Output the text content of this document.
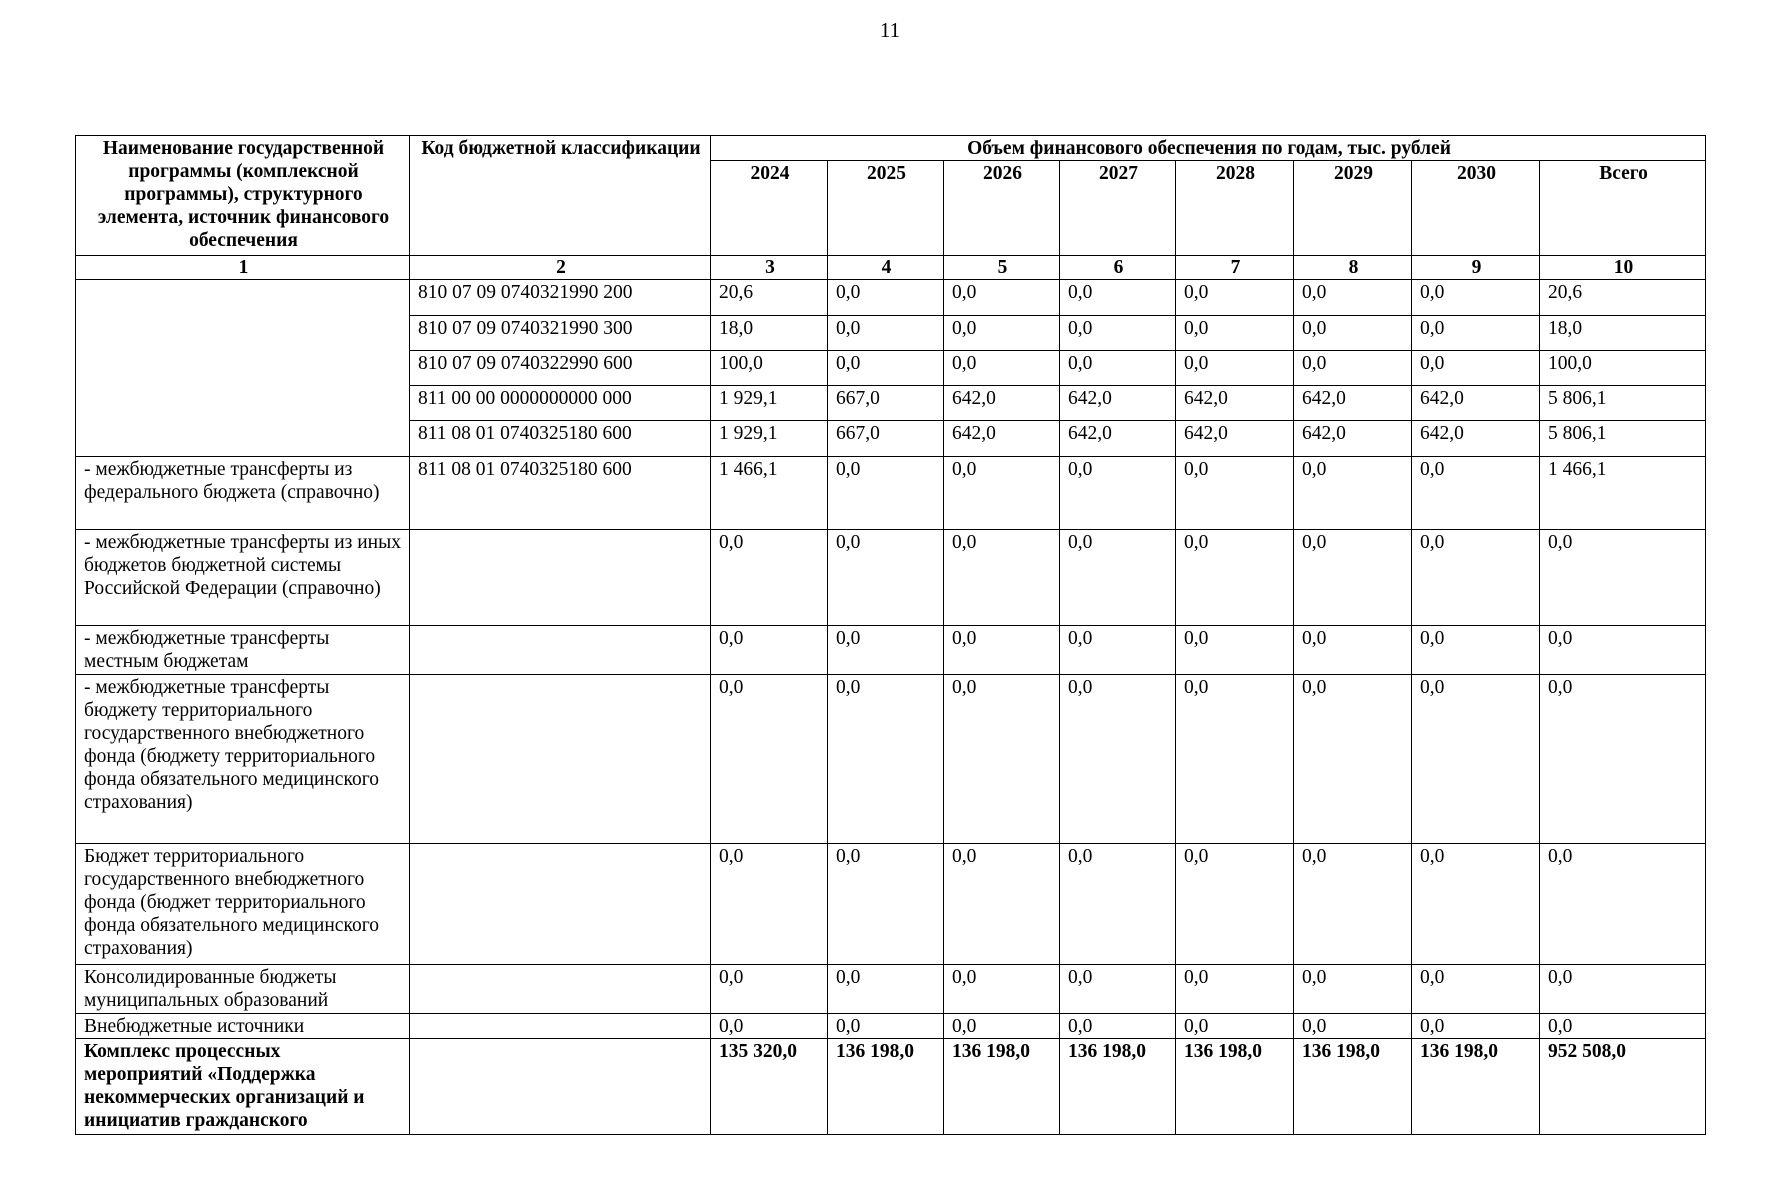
11
Наименование государственной программы (комплексной программы), структурного элемента, источник финансового обеспечения	Код бюджетной классификации	Объем финансового обеспечения по годам, тыс. рублей							
		2024	2025	2026	2027	2028	2029	2030	Всего
1	2	3	4	5	6	7	8	9	10
	810 07 09 0740321990 200	20,6	0,0	0,0	0,0	0,0	0,0	0,0	20,6
	810 07 09 0740321990 300	18,0	0,0	0,0	0,0	0,0	0,0	0,0	18,0
	810 07 09 0740322990 600	100,0	0,0	0,0	0,0	0,0	0,0	0,0	100,0
	811 00 00 0000000000 000	1 929,1	667,0	642,0	642,0	642,0	642,0	642,0	5 806,1
	811 08 01 0740325180 600	1 929,1	667,0	642,0	642,0	642,0	642,0	642,0	5 806,1
- межбюджетные трансферты из федерального бюджета (справочно)	811 08 01 0740325180 600	1 466,1	0,0	0,0	0,0	0,0	0,0	0,0	1 466,1
- межбюджетные трансферты из иных бюджетов бюджетной системы Российской Федерации (справочно)		0,0	0,0	0,0	0,0	0,0	0,0	0,0	0,0
- межбюджетные трансферты местным бюджетам		0,0	0,0	0,0	0,0	0,0	0,0	0,0	0,0
- межбюджетные трансферты бюджету территориального государственного внебюджетного фонда (бюджету территориального фонда обязательного медицинского страхования)		0,0	0,0	0,0	0,0	0,0	0,0	0,0	0,0
Бюджет территориального государственного внебюджетного фонда (бюджет территориального фонда обязательного медицинского страхования)		0,0	0,0	0,0	0,0	0,0	0,0	0,0	0,0
Консолидированные бюджеты муниципальных образований		0,0	0,0	0,0	0,0	0,0	0,0	0,0	0,0
Внебюджетные источники		0,0	0,0	0,0	0,0	0,0	0,0	0,0	0,0
Комплекс процессных мероприятий «Поддержка некоммерческих организаций и инициатив гражданского		135 320,0	136 198,0	136 198,0	136 198,0	136 198,0	136 198,0	136 198,0	952 508,0
